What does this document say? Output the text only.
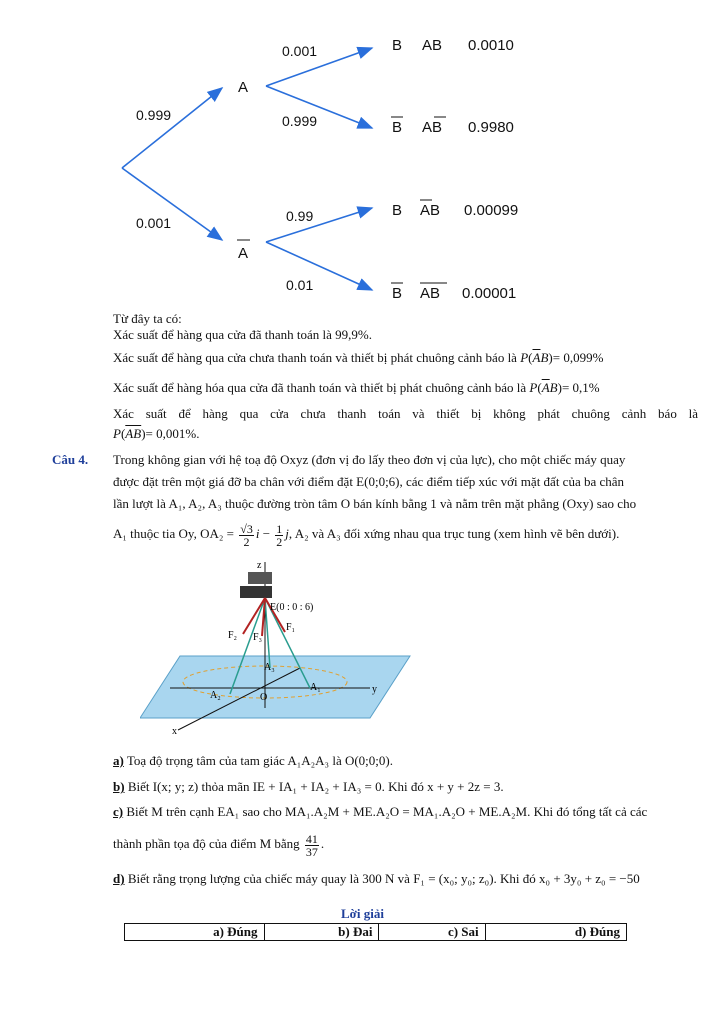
0.999
0.001
A
A
0.001
0.999
0.99
0.01
B AB 0.0010
B AB 0.9980
B AB 0.00099
B AB 0.00001
Từ đây ta có:
Xác suất để hàng qua cửa đã thanh toán là 99,9%.
Xác suất để hàng qua cửa chưa thanh toán và thiết bị phát chuông cảnh báo là $P(\overline{A}B)= 0,099\%$
Xác suất để hàng hóa qua cửa đã thanh toán và thiết bị phát chuông cảnh báo là $P(\overline{A}B)= 0,1\%$
Xác suất để hàng qua cửa chưa thanh toán và thiết bị không phát chuông cảnh báo là
$P(\overline{AB})= 0,001\%$.
Câu 4. Trong không gian với hệ toạ độ Oxyz (đơn vị đo lấy theo đơn vị của lực), cho một chiếc máy quay
được đặt trên một giá đỡ ba chân với điểm đặt E(0;0;6), các điểm tiếp xúc với mặt đất của ba chân
lần lượt là A₁, A₂, A₃ thuộc đường tròn tâm O bán kính bằng 1 và nằm trên mặt phẳng (Oxy) sao cho
A₁ thuộc tia Oy, $OA_2 = \frac{√3}{2}$ $i - \frac{1}{2} j$, A₂ và A₃ đối xứng nhau qua trục tung (xem hình vẽ bên dưới).
E(0 : 0 : 6)
F₁
F₂ F₃
A₁
A₂
A₃
O
x
y
z
a) Toạ độ trọng tâm của tam giác A₁A₂A₃ là O(0;0;0).
b) Biết I(x; y; z) thỏa mãn IE + IA₁ + IA₂ + IA₃ = 0. Khi đó x + y + 2z = 3.
c) Biết M trên cạnh EA₁ sao cho MA₁.A₂M + ME.A₂O = MA₁.A₂O + ME.A₂M. Khi đó tổng tất cả các
thành phần tọa độ của điểm M bằng $\frac{41}{37}$ .
d) Biết rằng trọng lượng của chiếc máy quay là 300 N và F₁ = (x₀; y₀; z₀). Khi đó x₀ + 3y₀ + z₀ = −50
Lời giải
a) Đúng	b) Đai	c) Sai	d) Đúng
